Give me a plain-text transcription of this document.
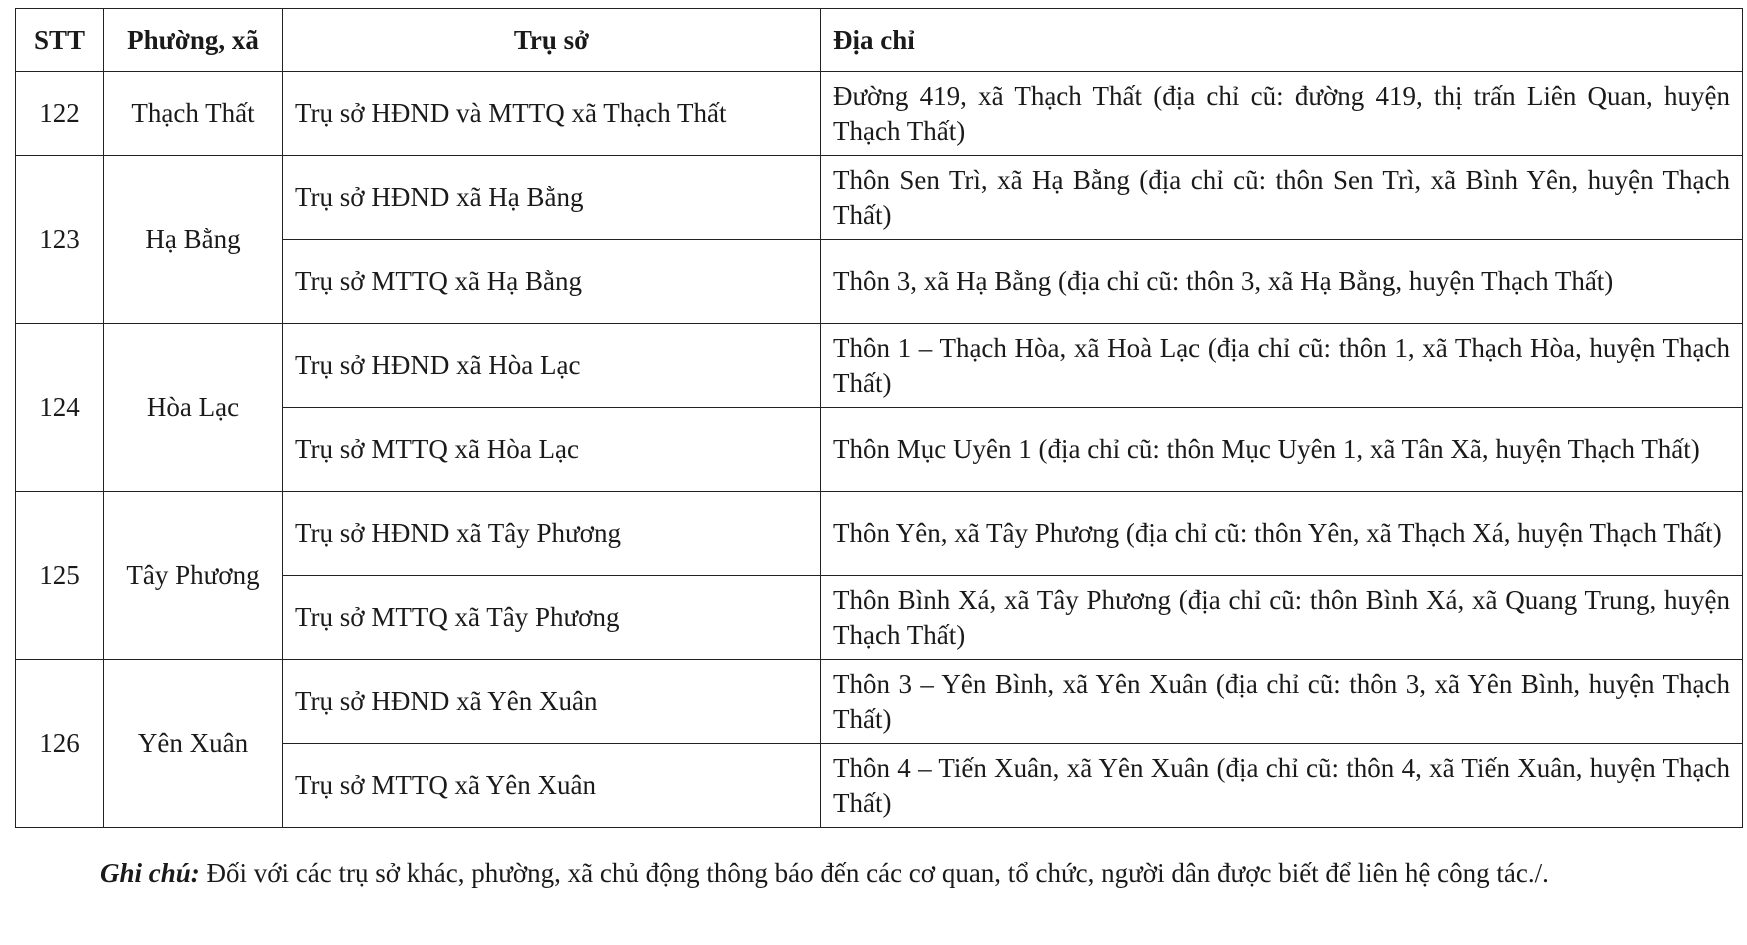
STT	Phường, xã	Trụ sở	Địa chỉ
122	Thạch Thất	Trụ sở HĐND và MTTQ xã Thạch Thất	Đường 419, xã Thạch Thất (địa chỉ cũ: đường 419, thị trấn Liên Quan, huyện Thạch Thất)
123	Hạ Bằng	Trụ sở HĐND xã Hạ Bằng	Thôn Sen Trì, xã Hạ Bằng (địa chỉ cũ: thôn Sen Trì, xã Bình Yên, huyện Thạch Thất)
		Trụ sở MTTQ xã Hạ Bằng	Thôn 3, xã Hạ Bằng (địa chỉ cũ: thôn 3, xã Hạ Bằng, huyện Thạch Thất)
124	Hòa Lạc	Trụ sở HĐND xã Hòa Lạc	Thôn 1 – Thạch Hòa, xã Hoà Lạc (địa chỉ cũ: thôn 1, xã Thạch Hòa, huyện Thạch Thất)
		Trụ sở MTTQ xã Hòa Lạc	Thôn Mục Uyên 1 (địa chỉ cũ: thôn Mục Uyên 1, xã Tân Xã, huyện Thạch Thất)
125	Tây Phương	Trụ sở HĐND xã Tây Phương	Thôn Yên, xã Tây Phương (địa chỉ cũ: thôn Yên, xã Thạch Xá, huyện Thạch Thất)
		Trụ sở MTTQ xã Tây Phương	Thôn Bình Xá, xã Tây Phương (địa chỉ cũ: thôn Bình Xá, xã Quang Trung, huyện Thạch Thất)
126	Yên Xuân	Trụ sở HĐND xã Yên Xuân	Thôn 3 – Yên Bình, xã Yên Xuân (địa chỉ cũ: thôn 3, xã Yên Bình, huyện Thạch Thất)
		Trụ sở MTTQ xã Yên Xuân	Thôn 4 – Tiến Xuân, xã Yên Xuân (địa chỉ cũ: thôn 4, xã Tiến Xuân, huyện Thạch Thất)

Ghi chú: Đối với các trụ sở khác, phường, xã chủ động thông báo đến các cơ quan, tổ chức, người dân được biết để liên hệ công tác./.
